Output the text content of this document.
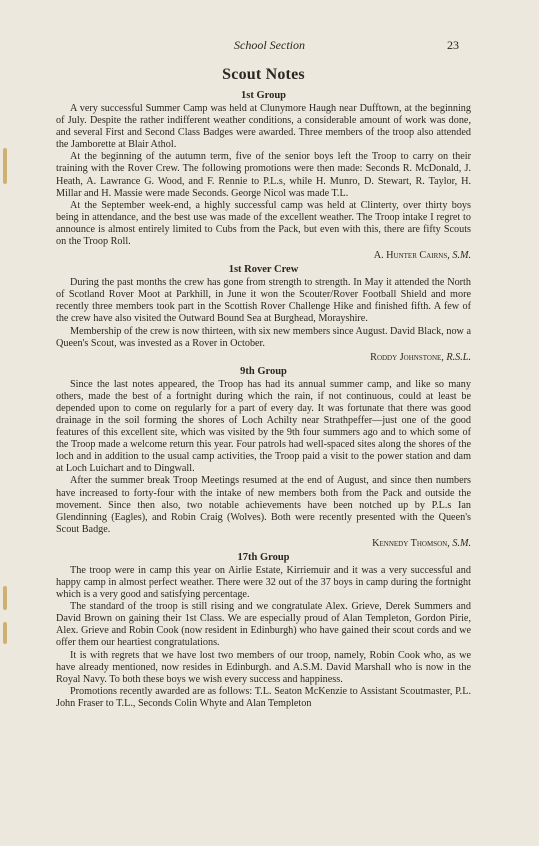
School Section	23
Scout Notes
1st Group

A very successful Summer Camp was held at Clunymore Haugh near Dufftown, at the beginning of July. Despite the rather indifferent weather conditions, a considerable amount of work was done, and several First and Second Class Badges were awarded. Three members of the troop also attended the Jamborette at Blair Athol.

At the beginning of the autumn term, five of the senior boys left the Troop to carry on their training with the Rover Crew. The following promotions were then made: Seconds R. McDonald, J. Heath, A. Lawrance G. Wood, and F. Rennie to P.L.s, while H. Munro, D. Stewart, R. Taylor, H. Millar and H. Massie were made Seconds. George Nicol was made T.L.

At the September week-end, a highly successful camp was held at Clinterty, over thirty boys being in attendance, and the best use was made of the excellent weather. The Troop intake I regret to announce is almost entirely limited to Cubs from the Pack, but even with this, there are fifty Scouts on the Troop Roll.

A. Hunter Cairns, S.M.
1st Rover Crew

During the past months the crew has gone from strength to strength. In May it attended the North of Scotland Rover Moot at Parkhill, in June it won the Scouter/Rover Football Shield and more recently three members took part in the Scottish Rover Challenge Hike and finished fifth. A few of the crew have also visited the Outward Bound Sea at Burghead, Morayshire.

Membership of the crew is now thirteen, with six new members since August. David Black, now a Queen's Scout, was invested as a Rover in October.

Roddy Johnstone, R.S.L.
9th Group

Since the last notes appeared, the Troop has had its annual summer camp, and like so many others, made the best of a fortnight during which the rain, if not continuous, could at least be depended upon to come on regularly for a part of every day. It was fortunate that there was good drainage in the soil forming the shores of Loch Achilty near Strathpeffer—just one of the good features of this excellent site, which was visited by the 9th four summers ago and to which some of the Troop made a welcome return this year. Four patrols had well-spaced sites along the shores of the loch and in addition to the usual camp activities, the Troop paid a visit to the power station and dam at Loch Luichart and to Dingwall.

After the summer break Troop Meetings resumed at the end of August, and since then numbers have increased to forty-four with the intake of new members both from the Pack and outside the movement. Since then also, two notable achievements have been notched up by P.L.s Ian Glendinning (Eagles), and Robin Craig (Wolves). Both were recently presented with the Queen's Scout Badge.

Kennedy Thomson, S.M.
17th Group

The troop were in camp this year on Airlie Estate, Kirriemuir and it was a very successful and happy camp in almost perfect weather. There were 32 out of the 37 boys in camp during the fortnight which is a very good and satisfying percentage.

The standard of the troop is still rising and we congratulate Alex. Grieve, Derek Summers and David Brown on gaining their 1st Class. We are especially proud of Alan Templeton, Gordon Pirie, Alex. Grieve and Robin Cook (now resident in Edinburgh) who have gained their scout cords and we offer them our heartiest congratulations.

It is with regrets that we have lost two members of our troop, namely, Robin Cook who, as we have already mentioned, now resides in Edinburgh. and A.S.M. David Marshall who is now in the Royal Navy. To both these boys we wish every success and happiness.

Promotions recently awarded are as follows: T.L. Seaton McKenzie to Assistant Scoutmaster, P.L. John Fraser to T.L., Seconds Colin Whyte and Alan Templeton
